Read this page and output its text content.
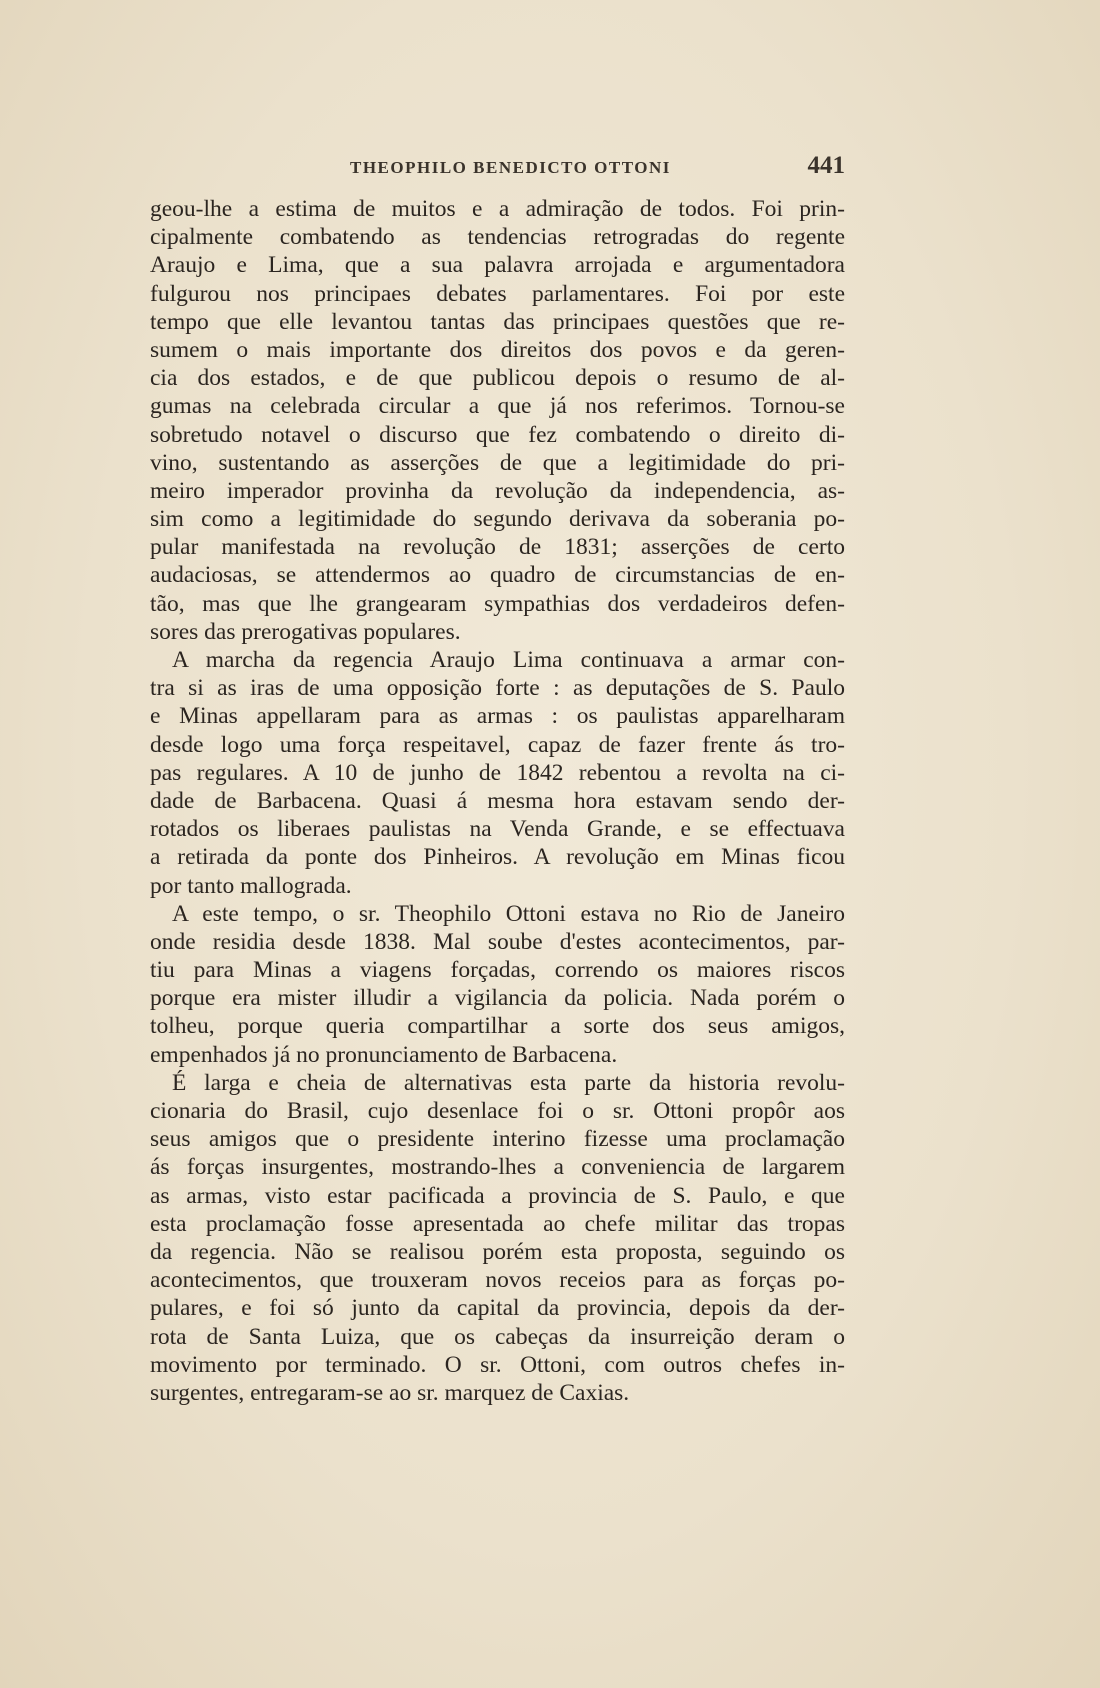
THEOPHILO BENEDICTO OTTONI	441
geou-lhe a estima de muitos e a admiração de todos. Foi prin-
cipalmente combatendo as tendencias retrogradas do regente
Araujo e Lima, que a sua palavra arrojada e argumentadora
fulgurou nos principaes debates parlamentares. Foi por este
tempo que elle levantou tantas das principaes questões que re-
sumem o mais importante dos direitos dos povos e da geren-
cia dos estados, e de que publicou depois o resumo de al-
gumas na celebrada circular a que já nos referimos. Tornou-se
sobretudo notavel o discurso que fez combatendo o direito di-
vino, sustentando as asserções de que a legitimidade do pri-
meiro imperador provinha da revolução da independencia, as-
sim como a legitimidade do segundo derivava da soberania po-
pular manifestada na revolução de 1831; asserções de certo
audaciosas, se attendermos ao quadro de circumstancias de en-
tão, mas que lhe grangearam sympathias dos verdadeiros defen-
sores das prerogativas populares.
A marcha da regencia Araujo Lima continuava a armar con-
tra si as iras de uma opposição forte : as deputações de S. Paulo
e Minas appellaram para as armas : os paulistas apparelharam
desde logo uma força respeitavel, capaz de fazer frente ás tro-
pas regulares. A 10 de junho de 1842 rebentou a revolta na ci-
dade de Barbacena. Quasi á mesma hora estavam sendo der-
rotados os liberaes paulistas na Venda Grande, e se effectuava
a retirada da ponte dos Pinheiros. A revolução em Minas ficou
por tanto mallograda.
A este tempo, o sr. Theophilo Ottoni estava no Rio de Janeiro
onde residia desde 1838. Mal soube d'estes acontecimentos, par-
tiu para Minas a viagens forçadas, correndo os maiores riscos
porque era mister illudir a vigilancia da policia. Nada porém o
tolheu, porque queria compartilhar a sorte dos seus amigos,
empenhados já no pronunciamento de Barbacena.
É larga e cheia de alternativas esta parte da historia revolu-
cionaria do Brasil, cujo desenlace foi o sr. Ottoni propôr aos
seus amigos que o presidente interino fizesse uma proclamação
ás forças insurgentes, mostrando-lhes a conveniencia de largarem
as armas, visto estar pacificada a provincia de S. Paulo, e que
esta proclamação fosse apresentada ao chefe militar das tropas
da regencia. Não se realisou porém esta proposta, seguindo os
acontecimentos, que trouxeram novos receios para as forças po-
pulares, e foi só junto da capital da provincia, depois da der-
rota de Santa Luiza, que os cabeças da insurreição deram o
movimento por terminado. O sr. Ottoni, com outros chefes in-
surgentes, entregaram-se ao sr. marquez de Caxias.
